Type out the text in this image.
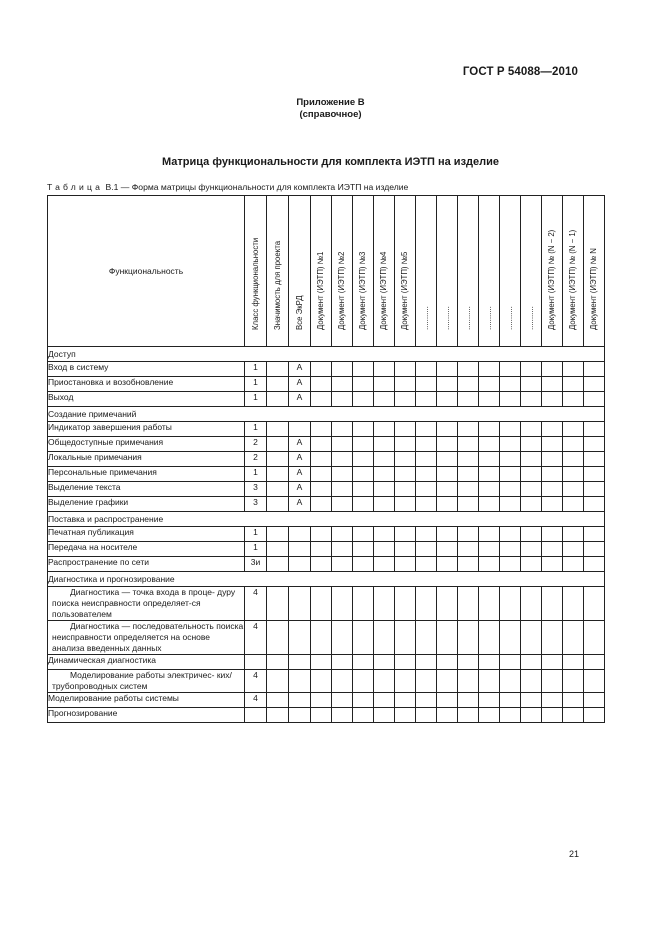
ГОСТ Р 54088—2010
Приложение В
(справочное)
Матрица функциональности для комплекта ИЭТП на изделие
Таблица В.1 — Форма матрицы функциональности для комплекта ИЭТП на изделие
Функциональность	Класс функциональности	Значимость для проекта	Все ЭкРД	Документ (ИЭТП) №1	Документ (ИЭТП) №2	Документ (ИЭТП) №3	Документ (ИЭТП) №4	Документ (ИЭТП) №5	...........	...........	...........	...........	...........	...........	Документ (ИЭТП) № (N − 2)	Документ (ИЭТП) № (N − 1)	Документ (ИЭТП) № N

Доступ																	
Вход в систему	1		А														
Приостановка и возобновление	1		А														
Выход	1		А														
Создание примечаний																	
Индикатор завершения работы	1																
Общедоступные примечания	2		А														
Локальные примечания	2		А														
Персональные примечания	1		А														
Выделение текста	3		А														
Выделение графики	3		А														
Поставка и распространение																	
Печатная публикация	1																
Передача на носителе	1																
Распространение по сети	3и																
Диагностика и прогнозирование																	
Диагностика — точка входа в проце- дуру поиска неисправности определяет-ся пользователем	4																
Диагностика — последовательность поиска неисправности определяется на основе анализа введенных данных	4																
Динамическая диагностика																	
Моделирование работы электричес- ких/трубопроводных систем	4																
Моделирование работы системы	4																
Прогнозирование																	
21
